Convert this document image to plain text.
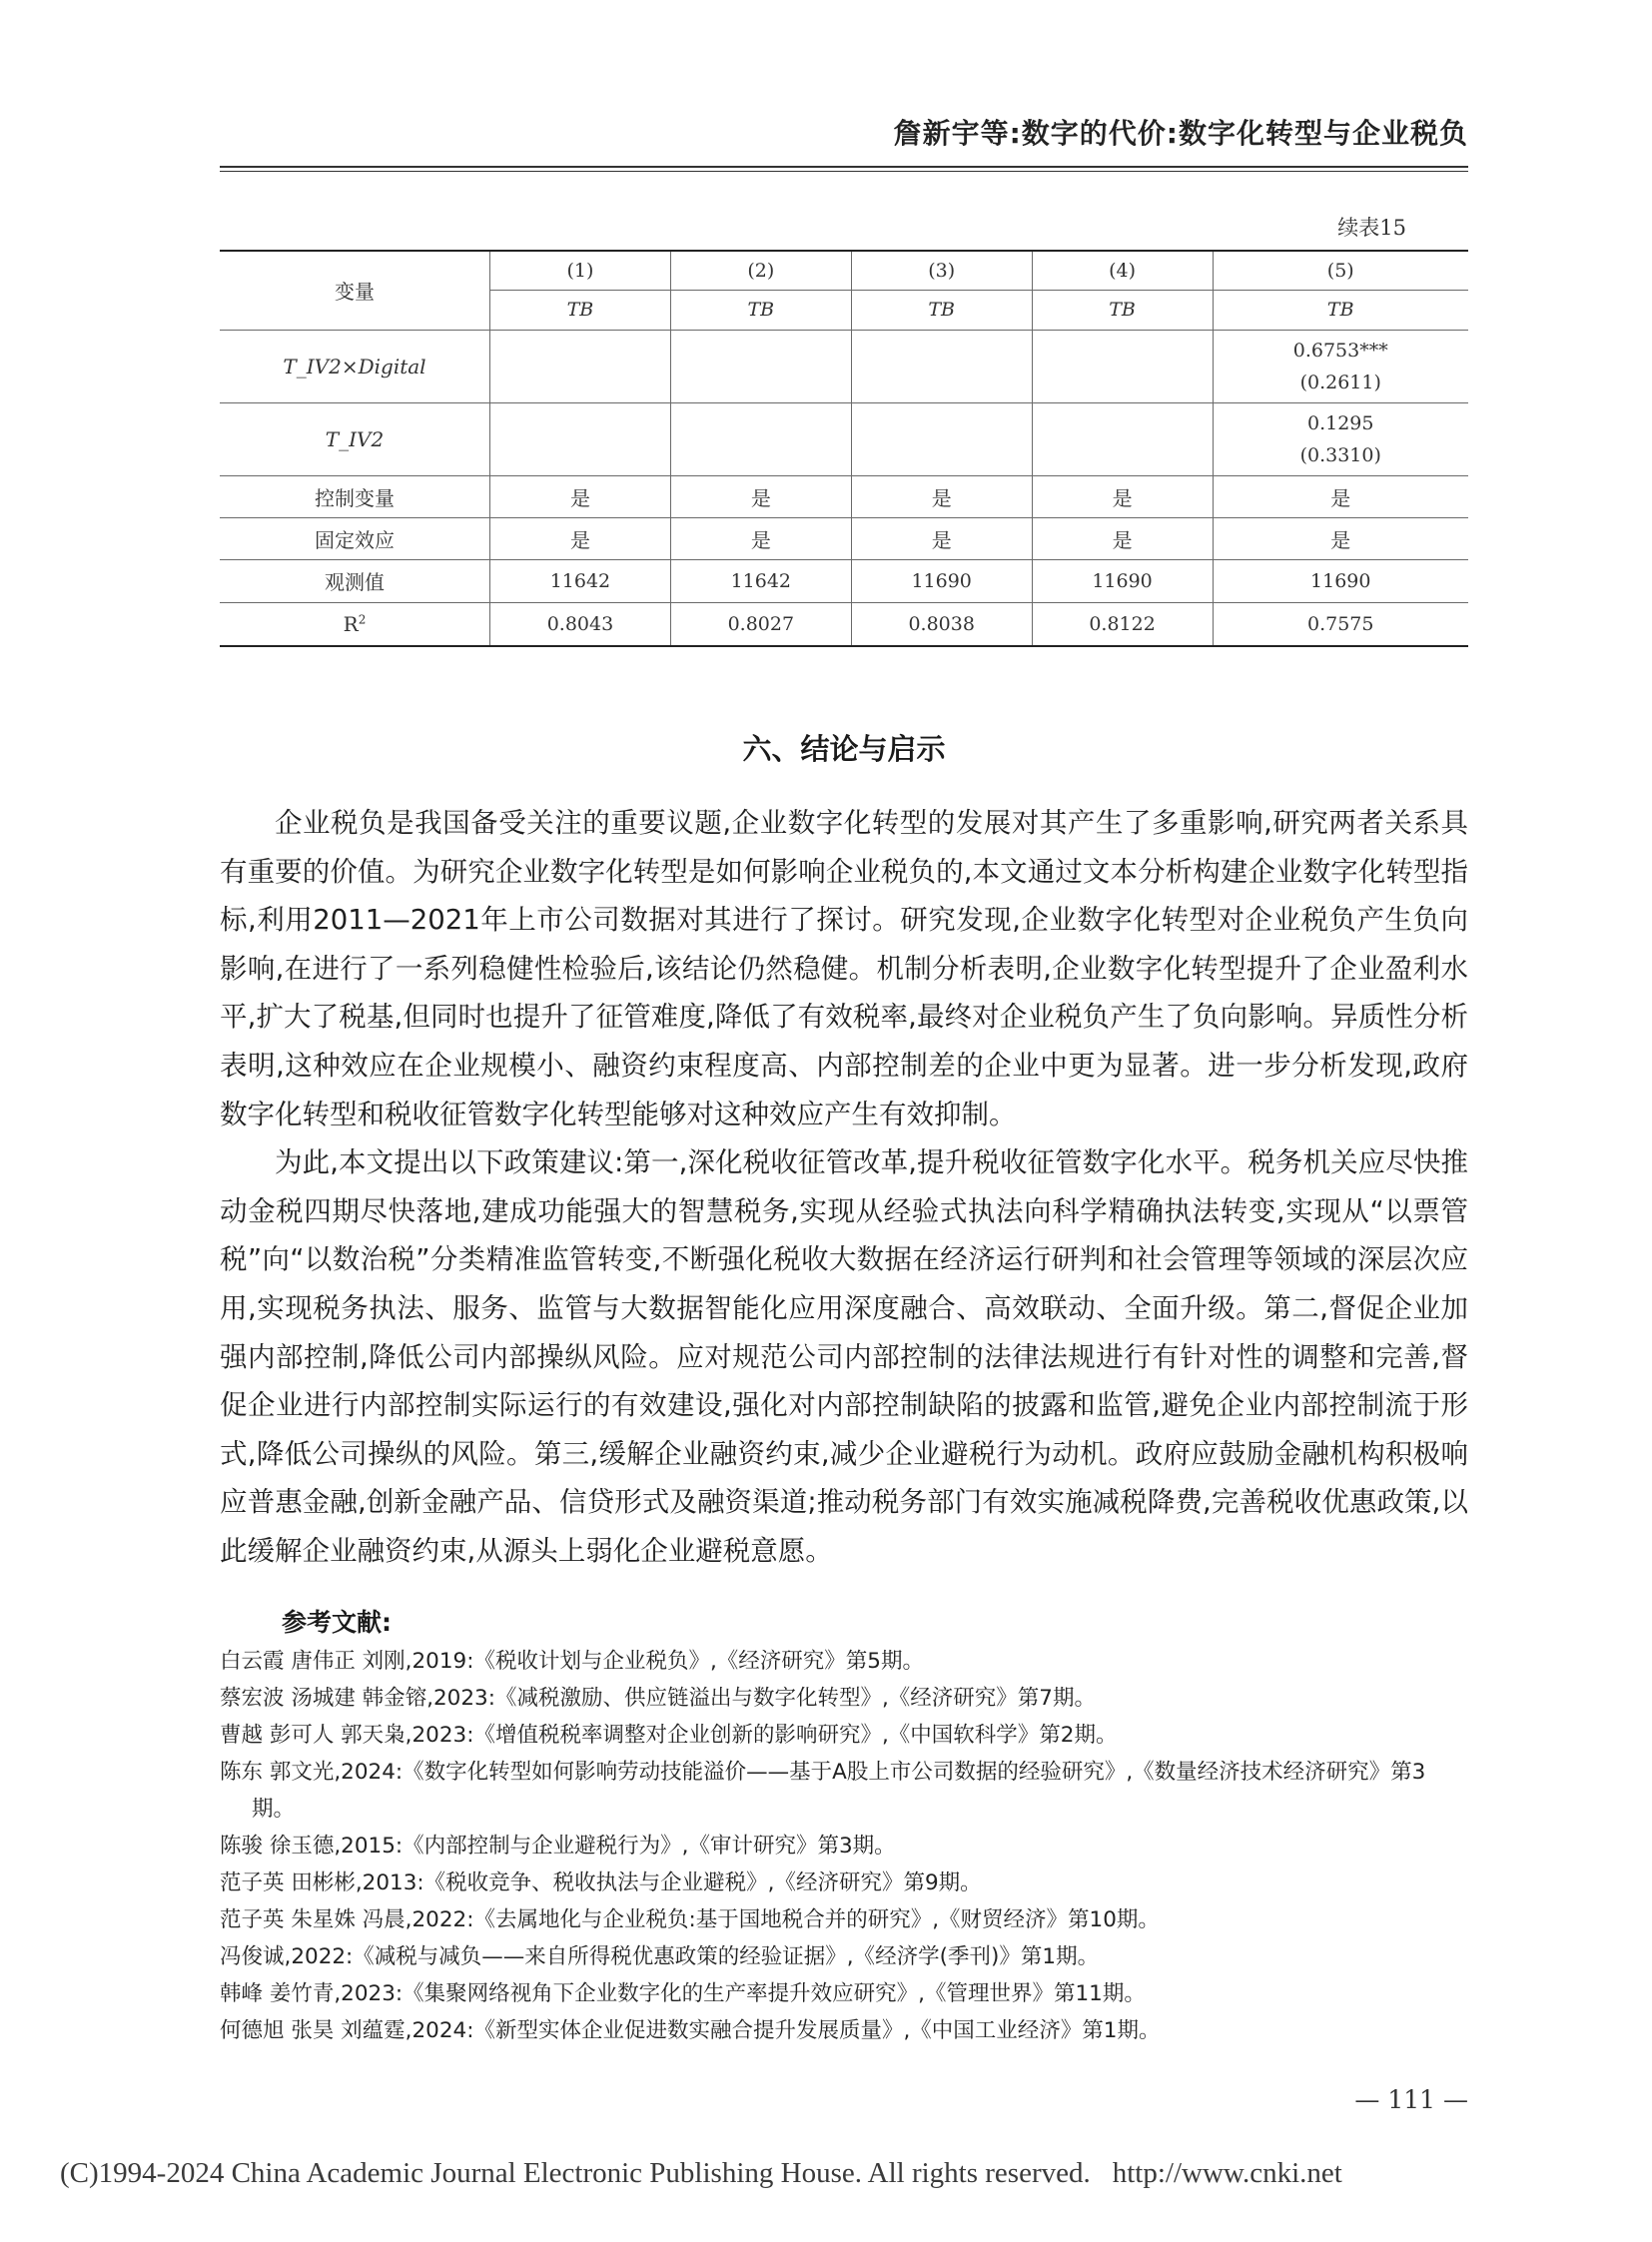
詹新宇等:数字的代价:数字化转型与企业税负
续表15
变量	(1)	(2)	(3)	(4)	(5)
	TB	TB	TB	TB	TB
T_IV2×Digital					0.6753***
(0.2611)

T_IV2					0.1295
(0.3310)

控制变量	是	是	是	是	是
固定效应	是	是	是	是	是
观测值	11642	11642	11690	11690	11690
$R^2$	0.8043	0.8027	0.8038	0.8122	0.7575
六、结论与启示

企业税负是我国备受关注的重要议题,企业数字化转型的发展对其产生了多重影响,研究两者关系具有重要的价值。为研究企业数字化转型是如何影响企业税负的,本文通过文本分析构建企业数字化转型指标,利用2011—2021年上市公司数据对其进行了探讨。研究发现,企业数字化转型对企业税负产生负向影响,在进行了一系列稳健性检验后,该结论仍然稳健。机制分析表明,企业数字化转型提升了企业盈利水平,扩大了税基,但同时也提升了征管难度,降低了有效税率,最终对企业税负产生了负向影响。异质性分析表明,这种效应在企业规模小、融资约束程度高、内部控制差的企业中更为显著。进一步分析发现,政府数字化转型和税收征管数字化转型能够对这种效应产生有效抑制。

为此,本文提出以下政策建议:第一,深化税收征管改革,提升税收征管数字化水平。税务机关应尽快推动金税四期尽快落地,建成功能强大的智慧税务,实现从经验式执法向科学精确执法转变,实现从“以票管税”向“以数治税”分类精准监管转变,不断强化税收大数据在经济运行研判和社会管理等领域的深层次应用,实现税务执法、服务、监管与大数据智能化应用深度融合、高效联动、全面升级。第二,督促企业加强内部控制,降低公司内部操纵风险。应对规范公司内部控制的法律法规进行有针对性的调整和完善,督促企业进行内部控制实际运行的有效建设,强化对内部控制缺陷的披露和监管,避免企业内部控制流于形式,降低公司操纵的风险。第三,缓解企业融资约束,减少企业避税行为动机。政府应鼓励金融机构积极响应普惠金融,创新金融产品、信贷形式及融资渠道;推动税务部门有效实施减税降费,完善税收优惠政策,以此缓解企业融资约束,从源头上弱化企业避税意愿。

参考文献:
白云霞 唐伟正 刘刚,2019:《税收计划与企业税负》,《经济研究》第5期。
蔡宏波 汤城建 韩金镕,2023:《减税激励、供应链溢出与数字化转型》,《经济研究》第7期。
曹越 彭可人 郭天枭,2023:《增值税税率调整对企业创新的影响研究》,《中国软科学》第2期。
陈东 郭文光,2024:《数字化转型如何影响劳动技能溢价——基于A股上市公司数据的经验研究》,《数量经济技术经济研究》第3期。
陈骏 徐玉德,2015:《内部控制与企业避税行为》,《审计研究》第3期。
范子英 田彬彬,2013:《税收竞争、税收执法与企业避税》,《经济研究》第9期。
范子英 朱星姝 冯晨,2022:《去属地化与企业税负:基于国地税合并的研究》,《财贸经济》第10期。
冯俊诚,2022:《减税与减负——来自所得税优惠政策的经验证据》,《经济学(季刊)》第1期。
韩峰 姜竹青,2023:《集聚网络视角下企业数字化的生产率提升效应研究》,《管理世界》第11期。
何德旭 张昊 刘蕴霆,2024:《新型实体企业促进数实融合提升发展质量》,《中国工业经济》第1期。
— 111 —
(C)1994-2024 China Academic Journal Electronic Publishing House. All rights reserved. http://www.cnki.net
